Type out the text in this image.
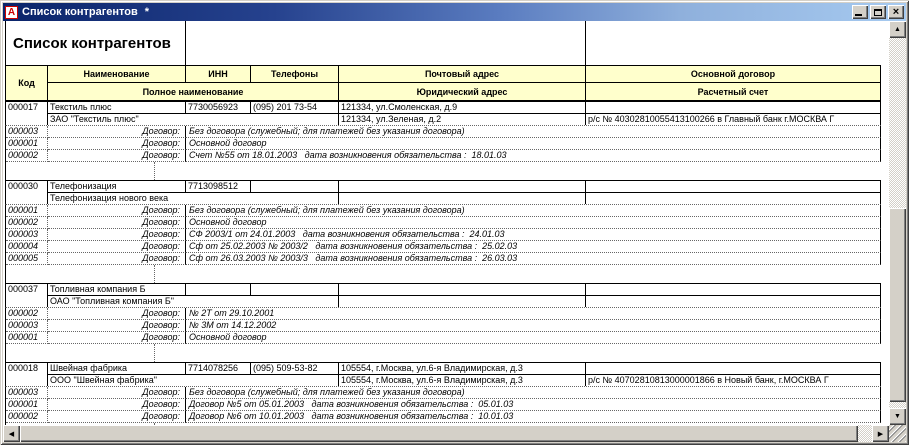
A Список контрагентов *	×
Список контрагентов
Код
Наименование	ИНН	Телефоны	Почтовый адрес	Основной договор
Полное наименование	Юридический адрес	Расчетный счет
000017	Текстиль плюс	7730056923	(095) 201 73-54	121334, ул.Смоленская, д.9
ЗАО "Текстиль плюс"	121334, ул.Зеленая, д.2	р/с № 40302810055413100266 в Главный банк г.МОСКВА Г
000003	Договор:	Без договора (служебный; для платежей без указания договора)
000001	Договор:	Основной договор
000002	Договор:	Счет №55 от 18.01.2003   дата возникновения обязательства :  18.01.03
000030	Телефонизация	7713098512
Телефонизация нового века
000001	Договор:	Без договора (служебный; для платежей без указания договора)
000002	Договор:	Основной договор
000003	Договор:	СФ 2003/1 от 24.01.2003   дата возникновения обязательства :  24.01.03
000004	Договор:	Сф от 25.02.2003 № 2003/2   дата возникновения обязательства :  25.02.03
000005	Договор:	Сф от 26.03.2003 № 2003/3   дата возникновения обязательства :  26.03.03
000037	Топливная компания Б
ОАО "Топливная компания Б"
000002	Договор:	№ 2Т от 29.10.2001
000003	Договор:	№ 3М от 14.12.2002
000001	Договор:	Основной договор
000018	Швейная фабрика	7714078256	(095) 509-53-82	105554, г.Москва, ул.6-я Владимирская, д.3
ООО "Швейная фабрика"	105554, г.Москва, ул.6-я Владимирская, д.3	р/с № 40702810813000001866 в Новый банк, г.МОСКВА Г
000003	Договор:	Без договора (служебный; для платежей без указания договора)
000001	Договор:	Договор №5 от 05.01.2003   дата возникновения обязательства :  05.01.03
000002	Договор:	Договор №6 от 10.01.2003   дата возникновения обязательства :  10.01.03
▲
▼
◀	▶
